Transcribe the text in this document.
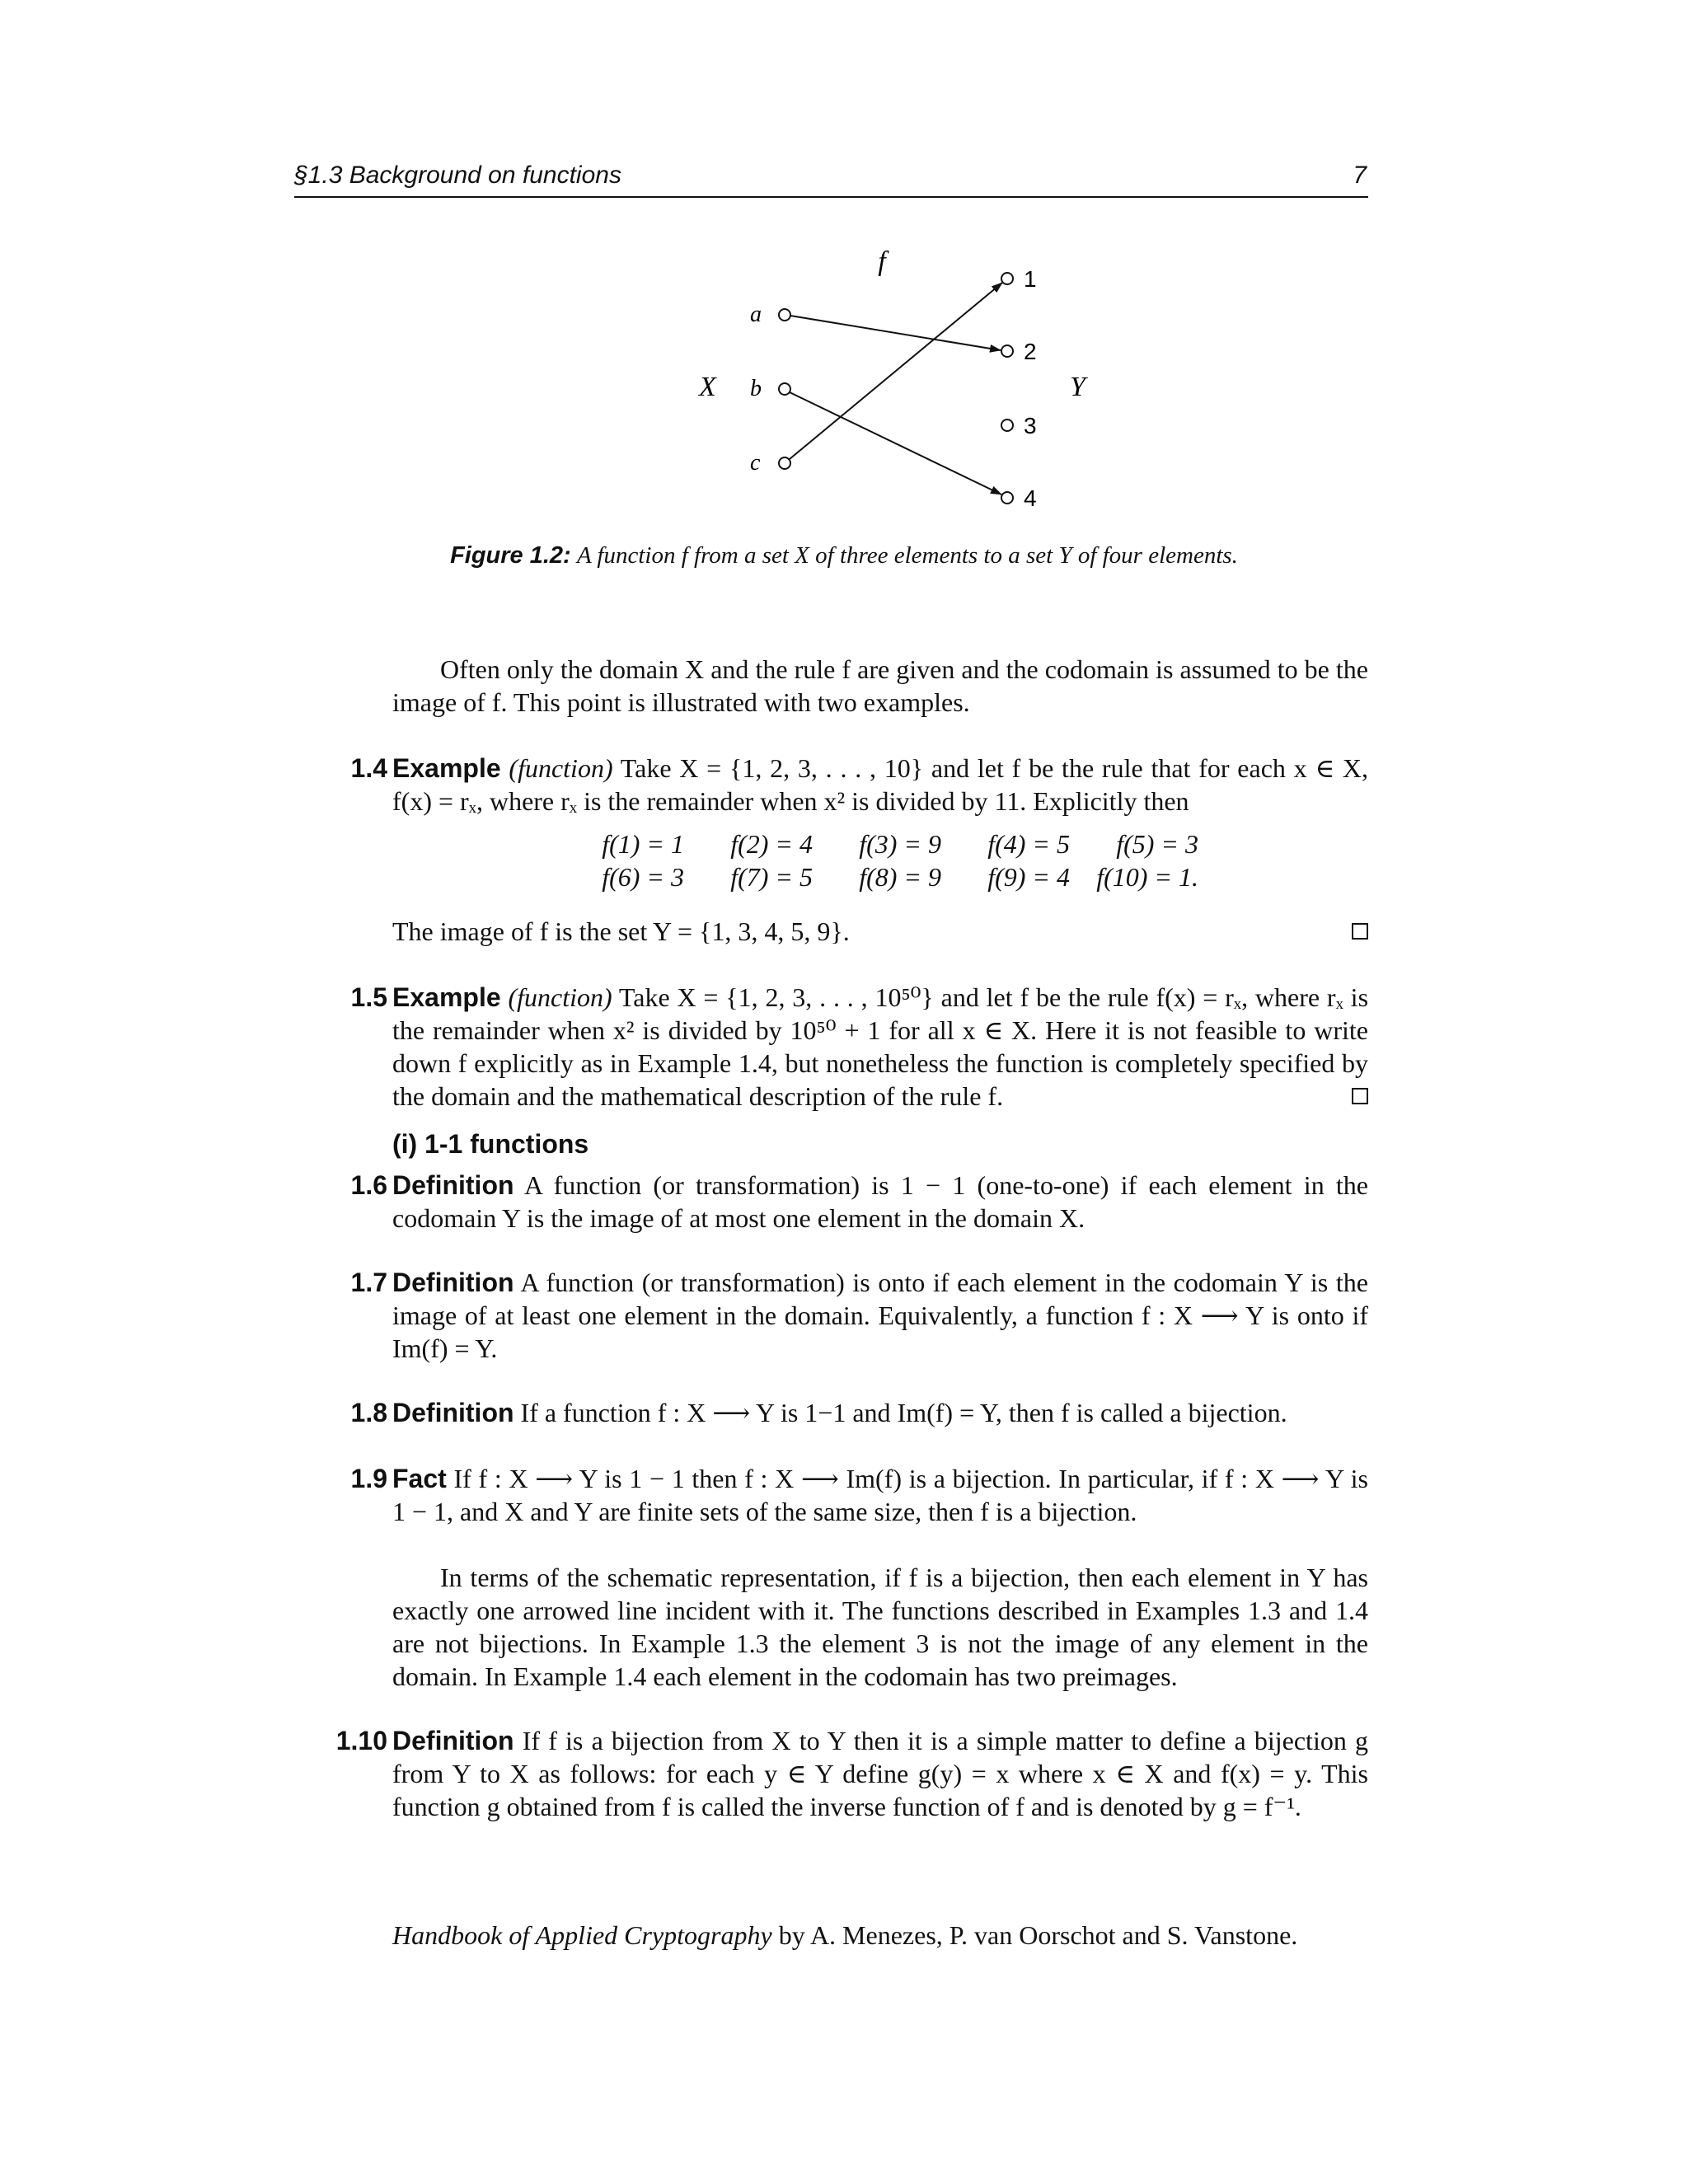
§1.3 Background on functions	7
f
X	Y
a
b
c
1
2
3
4
Figure 1.2: A function f from a set X of three elements to a set Y of four elements.
Often only the domain X and the rule f are given and the codomain is assumed to be the image of f. This point is illustrated with two examples.
1.4 Example (function) Take X = {1, 2, 3, . . . , 10} and let f be the rule that for each x ∈ X, f(x) = rₓ, where rₓ is the remainder when x² is divided by 11. Explicitly then
f(1) = 1	f(2) = 4	f(3) = 9	f(4) = 5	f(5) = 3
f(6) = 3	f(7) = 5	f(8) = 9	f(9) = 4	f(10) = 1.
The image of f is the set Y = {1, 3, 4, 5, 9}.
1.5 Example (function) Take X = {1, 2, 3, . . . , 10⁵⁰} and let f be the rule f(x) = rₓ, where rₓ is the remainder when x² is divided by 10⁵⁰ + 1 for all x ∈ X. Here it is not feasible to write down f explicitly as in Example 1.4, but nonetheless the function is completely specified by the domain and the mathematical description of the rule f.
(i) 1-1 functions
1.6 Definition A function (or transformation) is 1 − 1 (one-to-one) if each element in the codomain Y is the image of at most one element in the domain X.
1.7 Definition A function (or transformation) is onto if each element in the codomain Y is the image of at least one element in the domain. Equivalently, a function f : X ⟶ Y is onto if Im(f) = Y.
1.8 Definition If a function f : X ⟶ Y is 1−1 and Im(f) = Y, then f is called a bijection.
1.9 Fact If f : X ⟶ Y is 1 − 1 then f : X ⟶ Im(f) is a bijection. In particular, if f : X ⟶ Y is 1 − 1, and X and Y are finite sets of the same size, then f is a bijection.
In terms of the schematic representation, if f is a bijection, then each element in Y has exactly one arrowed line incident with it. The functions described in Examples 1.3 and 1.4 are not bijections. In Example 1.3 the element 3 is not the image of any element in the domain. In Example 1.4 each element in the codomain has two preimages.
1.10 Definition If f is a bijection from X to Y then it is a simple matter to define a bijection g from Y to X as follows: for each y ∈ Y define g(y) = x where x ∈ X and f(x) = y. This function g obtained from f is called the inverse function of f and is denoted by g = f⁻¹.
Handbook of Applied Cryptography by A. Menezes, P. van Oorschot and S. Vanstone.
